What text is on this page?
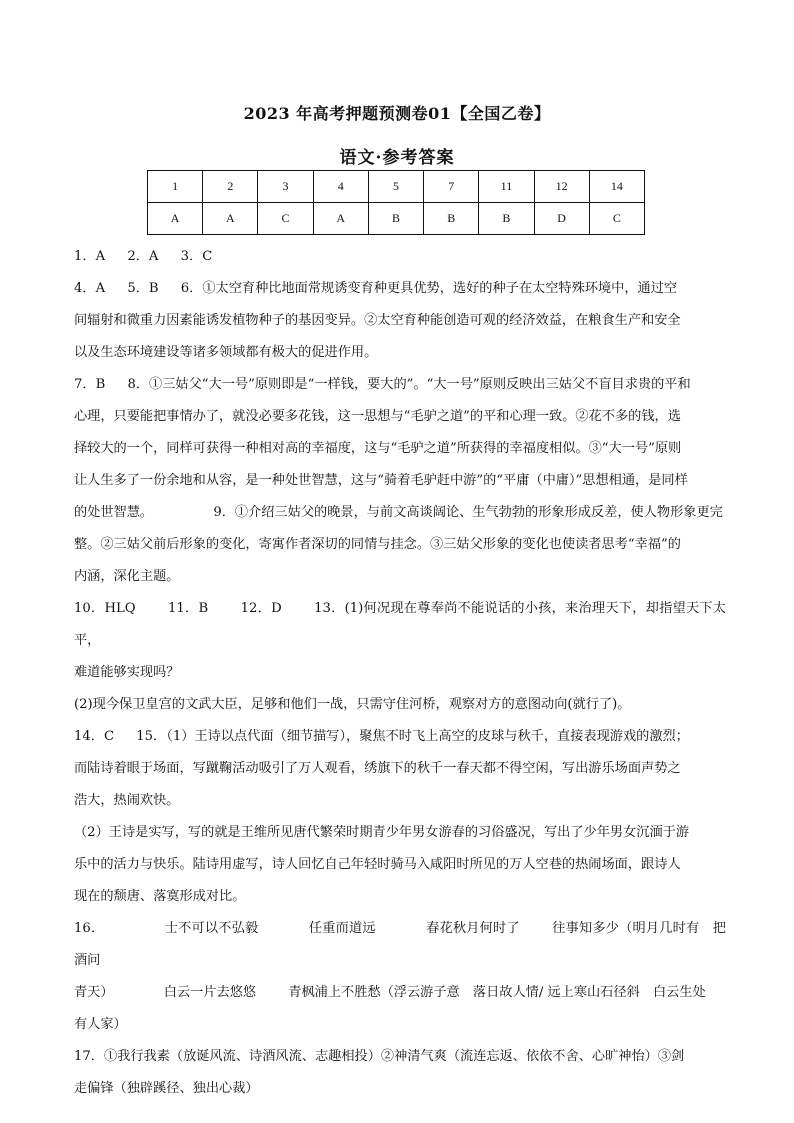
2023 年高考押题预测卷01【全国乙卷】
语文·参考答案
1	2	3	4	5	7	11	12	14
A	A	C	A	B	B	B	D	C

1．A 2．A 3．C

4．A 5．B 6．①太空育种比地面常规诱变育种更具优势，选好的种子在太空特殊环境中，通过空

间辐射和微重力因素能诱发植物种子的基因变异。②太空育种能创造可观的经济效益，在粮食生产和安全

以及生态环境建设等诸多领域都有极大的促进作用。

7．B 8．①三姑父“大一号”原则即是“一样钱，要大的”。“大一号”原则反映出三姑父不盲目求贵的平和

心理，只要能把事情办了，就没必要多花钱，这一思想与“毛驴之道”的平和心理一致。②花不多的钱，选

择较大的一个，同样可获得一种相对高的幸福度，这与“毛驴之道”所获得的幸福度相似。③“大一号”原则

让人生多了一份余地和从容，是一种处世智慧，这与“骑着毛驴赶中游”的“平庸（中庸）”思想相通，是同样

的处世智慧。	9．①介绍三姑父的晚景，与前文高谈阔论、生气勃勃的形象形成反差，使人物形象更完

整。②三姑父前后形象的变化，寄寓作者深切的同情与挂念。③三姑父形象的变化也使读者思考“幸福”的

内涵，深化主题。

10．HLQ 11．B 12．D 13．(1)何况现在尊奉尚不能说话的小孩，来治理天下，却指望天下太平，

难道能够实现吗？

(2)现今保卫皇宫的文武大臣，足够和他们一战，只需守住河桥，观察对方的意图动向(就行了)。

14．C 15．（1）王诗以点代面（细节描写），聚焦不时飞上高空的皮球与秋千，直接表现游戏的激烈；

而陆诗着眼于场面，写蹴鞠活动吸引了万人观看，绣旗下的秋千一春天都不得空闲，写出游乐场面声势之

浩大，热闹欢快。

（2）王诗是实写，写的就是王维所见唐代繁荣时期青少年男女游春的习俗盛况，写出了少年男女沉湎于游

乐中的活力与快乐。陆诗用虚写，诗人回忆自己年轻时骑马入咸阳时所见的万人空巷的热闹场面，跟诗人

现在的颓唐、落寞形成对比。

16．	士不可以不弘毅	任重而道远	春花秋月何时了 往事知多少（明月几时有　把酒问

青天）	白云一片去悠悠 青枫浦上不胜愁（浮云游子意　落日故人情/ 远上寒山石径斜　白云生处

有人家）

17．①我行我素（放诞风流、诗酒风流、志趣相投）②神清气爽（流连忘返、依依不舍、心旷神怡）③剑

走偏锋（独辟蹊径、独出心裁）
